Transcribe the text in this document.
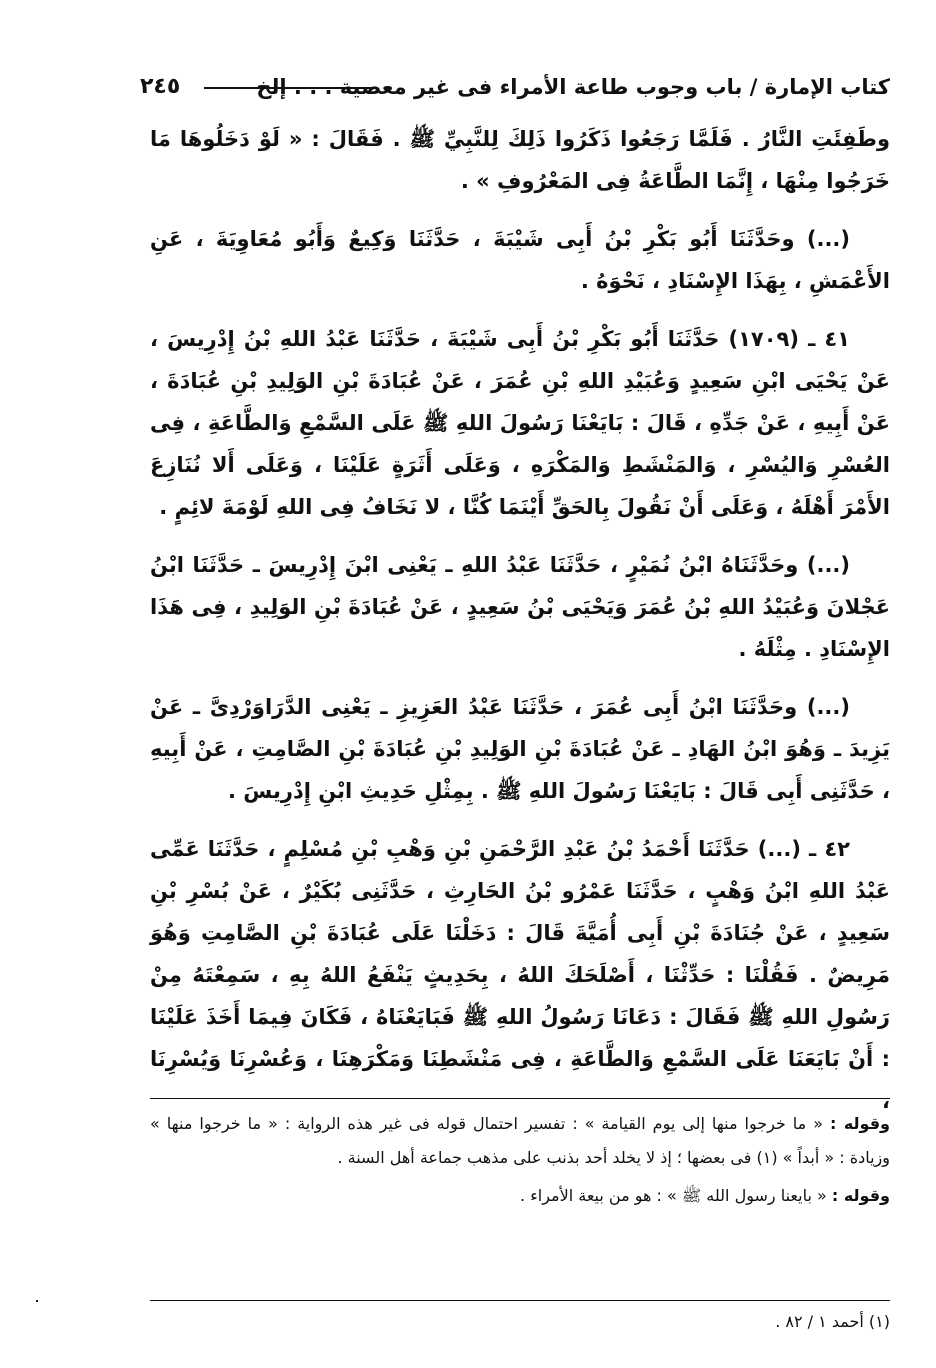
كتاب الإمارة / باب وجوب طاعة الأمراء فى غير معصية . . . إلخ
٢٤٥

وطَفِئَتِ النَّارُ . فَلَمَّا رَجَعُوا ذَكَرُوا ذَلِكَ لِلنَّبِيِّ ﷺ . فَقَالَ : « لَوْ دَخَلُوهَا مَا خَرَجُوا مِنْهَا ، إِنَّمَا الطَّاعَةُ فِى المَعْرُوفِ » .

(...) وحَدَّثَنَا أَبُو بَكْرِ بْنُ أَبِى شَيْبَةَ ، حَدَّثَنَا وَكِيعٌ وَأَبُو مُعَاوِيَةَ ، عَنِ الأَعْمَشِ ، بِهَذَا الإِسْنَادِ ، نَحْوَهُ .

٤١ ـ (١٧٠٩) حَدَّثَنَا أَبُو بَكْرِ بْنُ أَبِى شَيْبَةَ ، حَدَّثَنَا عَبْدُ اللهِ بْنُ إِدْرِيسَ ، عَنْ يَحْيَى ابْنِ سَعِيدٍ وَعُبَيْدِ اللهِ بْنِ عُمَرَ ، عَنْ عُبَادَةَ بْنِ الوَلِيدِ بْنِ عُبَادَةَ ، عَنْ أَبِيهِ ، عَنْ جَدِّهِ ، قَالَ : بَايَعْنَا رَسُولَ اللهِ ﷺ عَلَى السَّمْعِ وَالطَّاعَةِ ، فِى العُسْرِ وَاليُسْرِ ، وَالمَنْشَطِ وَالمَكْرَهِ ، وَعَلَى أَثَرَةٍ عَلَيْنَا ، وَعَلَى أَلا نُنَازِعَ الأَمْرَ أَهْلَهُ ، وَعَلَى أَنْ نَقُولَ بِالحَقِّ أَيْنَمَا كُنَّا ، لا نَخَافُ فِى اللهِ لَوْمَةَ لائِمٍ .

(...) وحَدَّثَنَاهُ ابْنُ نُمَيْرٍ ، حَدَّثَنَا عَبْدُ اللهِ ـ يَعْنِى ابْنَ إِدْرِيسَ ـ حَدَّثَنَا ابْنُ عَجْلانَ وَعُبَيْدُ اللهِ بْنُ عُمَرَ وَيَحْيَى بْنُ سَعِيدٍ ، عَنْ عُبَادَةَ بْنِ الوَلِيدِ ، فِى هَذَا الإِسْنَادِ . مِثْلَهُ .

(...) وحَدَّثَنَا ابْنُ أَبِى عُمَرَ ، حَدَّثَنَا عَبْدُ العَزِيزِ ـ يَعْنِى الدَّرَاوَرْدِىَّ ـ عَنْ يَزِيدَ ـ وَهُوَ ابْنُ الهَادِ ـ عَنْ عُبَادَةَ بْنِ الوَلِيدِ بْنِ عُبَادَةَ بْنِ الصَّامِتِ ، عَنْ أَبِيهِ ، حَدَّثَنِى أَبِى قَالَ : بَايَعْنَا رَسُولَ اللهِ ﷺ . بِمِثْلِ حَدِيثِ ابْنِ إِدْرِيسَ .

٤٢ ـ (...) حَدَّثَنَا أَحْمَدُ بْنُ عَبْدِ الرَّحْمَنِ بْنِ وَهْبِ بْنِ مُسْلِمٍ ، حَدَّثَنَا عَمِّى عَبْدُ اللهِ ابْنُ وَهْبٍ ، حَدَّثَنَا عَمْرُو بْنُ الحَارِثِ ، حَدَّثَنِى بُكَيْرٌ ، عَنْ بُسْرِ بْنِ سَعِيدٍ ، عَنْ جُنَادَةَ بْنِ أَبِى أُمَيَّةَ قَالَ : دَخَلْنَا عَلَى عُبَادَةَ بْنِ الصَّامِتِ وَهُوَ مَرِيضٌ . فَقُلْنَا : حَدِّثْنَا ، أَصْلَحَكَ اللهُ ، بِحَدِيثٍ يَنْفَعُ اللهُ بِهِ ، سَمِعْتَهُ مِنْ رَسُولِ اللهِ ﷺ فَقَالَ : دَعَانَا رَسُولُ اللهِ ﷺ فَبَايَعْنَاهُ ، فَكَانَ فِيمَا أَخَذَ عَلَيْنَا : أَنْ بَايَعَنَا عَلَى السَّمْعِ وَالطَّاعَةِ ، فِى مَنْشَطِنَا وَمَكْرَهِنَا ، وَعُسْرِنَا وَيُسْرِنَا ،

وقوله : « ما خرجوا منها إلى يوم القيامة » : تفسير احتمال قوله فى غير هذه الرواية : « ما خرجوا منها » وزيادة : « أبداً » (١) فى بعضها ؛ إذ لا يخلد أحد بذنب على مذهب جماعة أهل السنة .

وقوله : « بايعنا رسول الله ﷺ » : هو من بيعة الأمراء .

(١) أحمد ١ / ٨٢ .
